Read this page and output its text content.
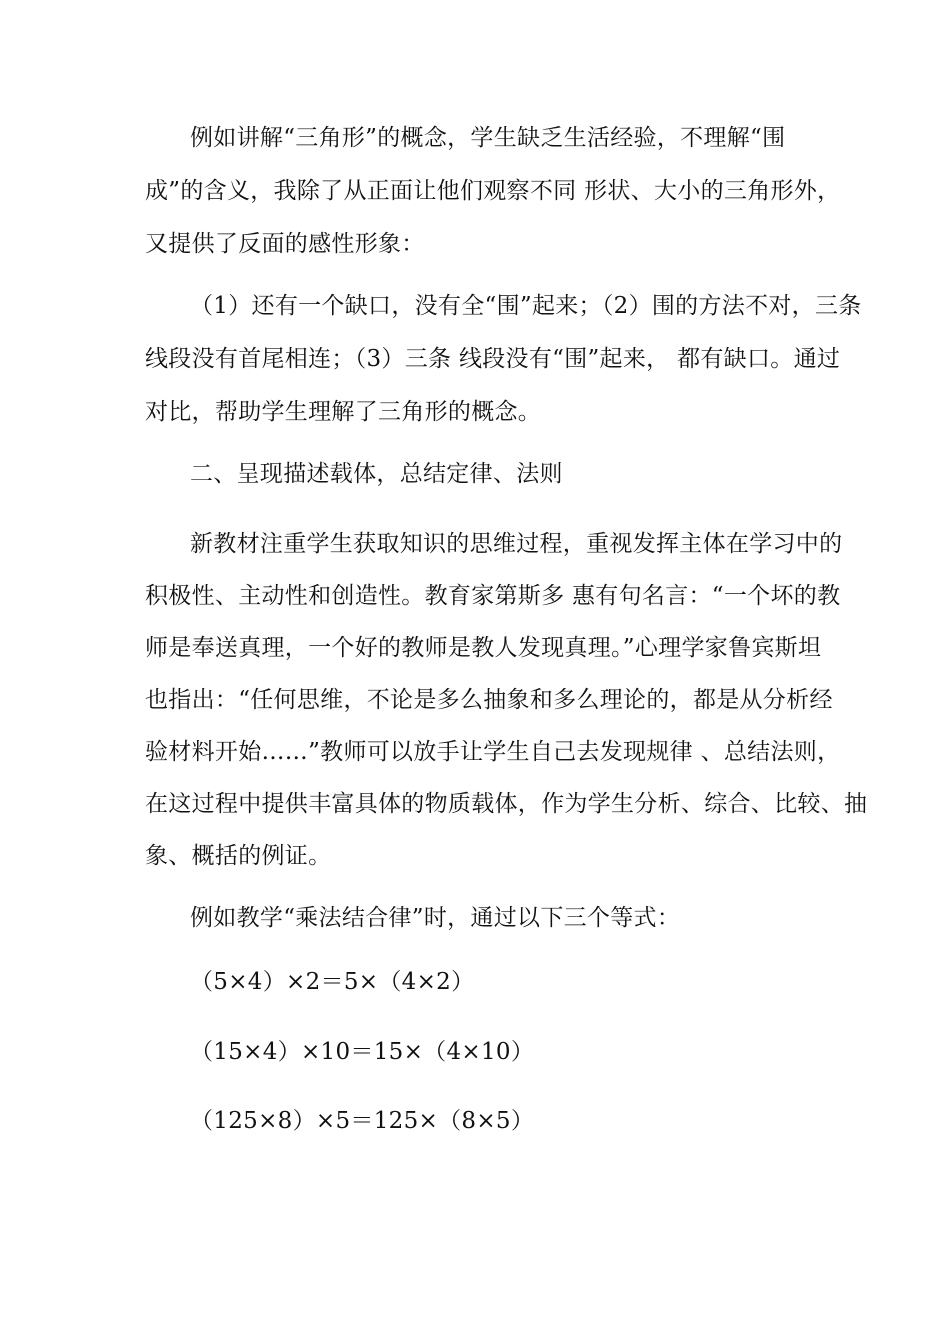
例如讲解“三角形”的概念，学生缺乏生活经验，不理解“围
成”的含义，我除了从正面让他们观察不同 形状、大小的三角形外，
又提供了反面的感性形象：
（1）还有一个缺口，没有全“围”起来；（2）围的方法不对，三条
线段没有首尾相连；（3）三条 线段没有“围”起来， 都有缺口。通过
对比，帮助学生理解了三角形的概念。
二、呈现描述载体，总结定律、法则
新教材注重学生获取知识的思维过程，重视发挥主体在学习中的
积极性、主动性和创造性。教育家第斯多 惠有句名言：“一个坏的教
师是奉送真理，一个好的教师是教人发现真理。”心理学家鲁宾斯坦
也指出：“任何思维，不论是多么抽象和多么理论的，都是从分析经
验材料开始……”教师可以放手让学生自己去发现规律 、总结法则，
在这过程中提供丰富具体的物质载体，作为学生分析、综合、比较、抽
象、概括的例证。
例如教学“乘法结合律”时，通过以下三个等式：
（5×4）×2＝5×（4×2）
（15×4）×10＝15×（4×10）
（125×8）×5＝125×（8×5）
